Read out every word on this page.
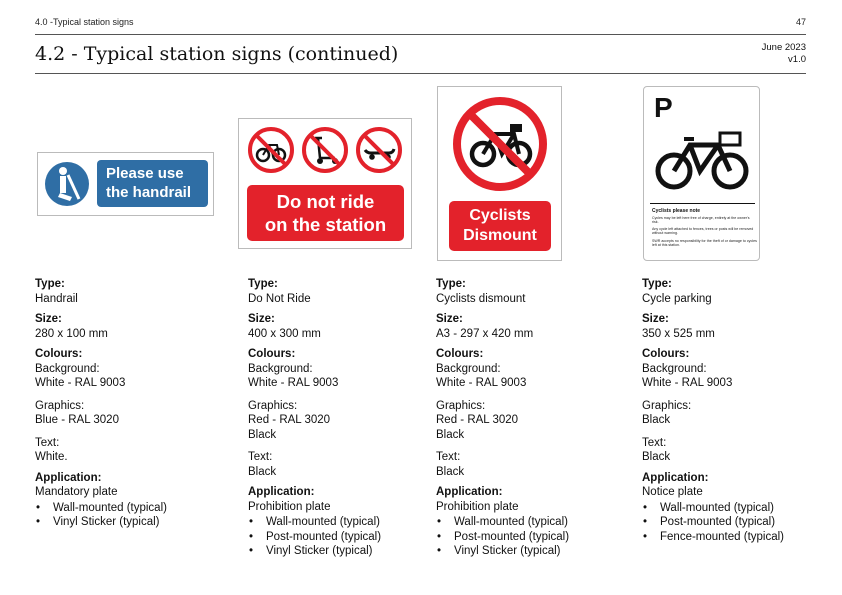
4.0 -Typical station signs	47
4.2 - Typical station signs (continued)	June 2023
v1.0
Please use
the handrail	Do not ride
on the station	Cyclists
Dismount
P
Cyclists please note
Cycles may be left here free of charge, entirely at the owner's risk.
Any cycle left attached to fences, trees or posts will be removed without warning.
SWR accepts no responsibility for the theft of or damage to cycles left at this station.
Type:
Handrail
Size:
280 x 100 mm
Colours:
Background:
White - RAL 9003
Graphics:
Blue - RAL 3020
Text:
White.
Application:
Mandatory plate
• Wall-mounted (typical)
• Vinyl Sticker (typical)
Type:
Do Not Ride
Size:
400 x 300 mm
Colours:
Background:
White - RAL 9003
Graphics:
Red - RAL 3020
Black
Text:
Black
Application:
Prohibition plate
• Wall-mounted (typical)
• Post-mounted (typical)
• Vinyl Sticker (typical)
Type:
Cyclists dismount
Size:
A3 - 297 x 420 mm
Colours:
Background:
White - RAL 9003
Graphics:
Red - RAL 3020
Black
Text:
Black
Application:
Prohibition plate
• Wall-mounted (typical)
• Post-mounted (typical)
• Vinyl Sticker (typical)
Type:
Cycle parking
Size:
350 x 525 mm
Colours:
Background:
White - RAL 9003
Graphics:
Black
Text:
Black
Application:
Notice plate
• Wall-mounted (typical)
• Post-mounted (typical)
• Fence-mounted (typical)
